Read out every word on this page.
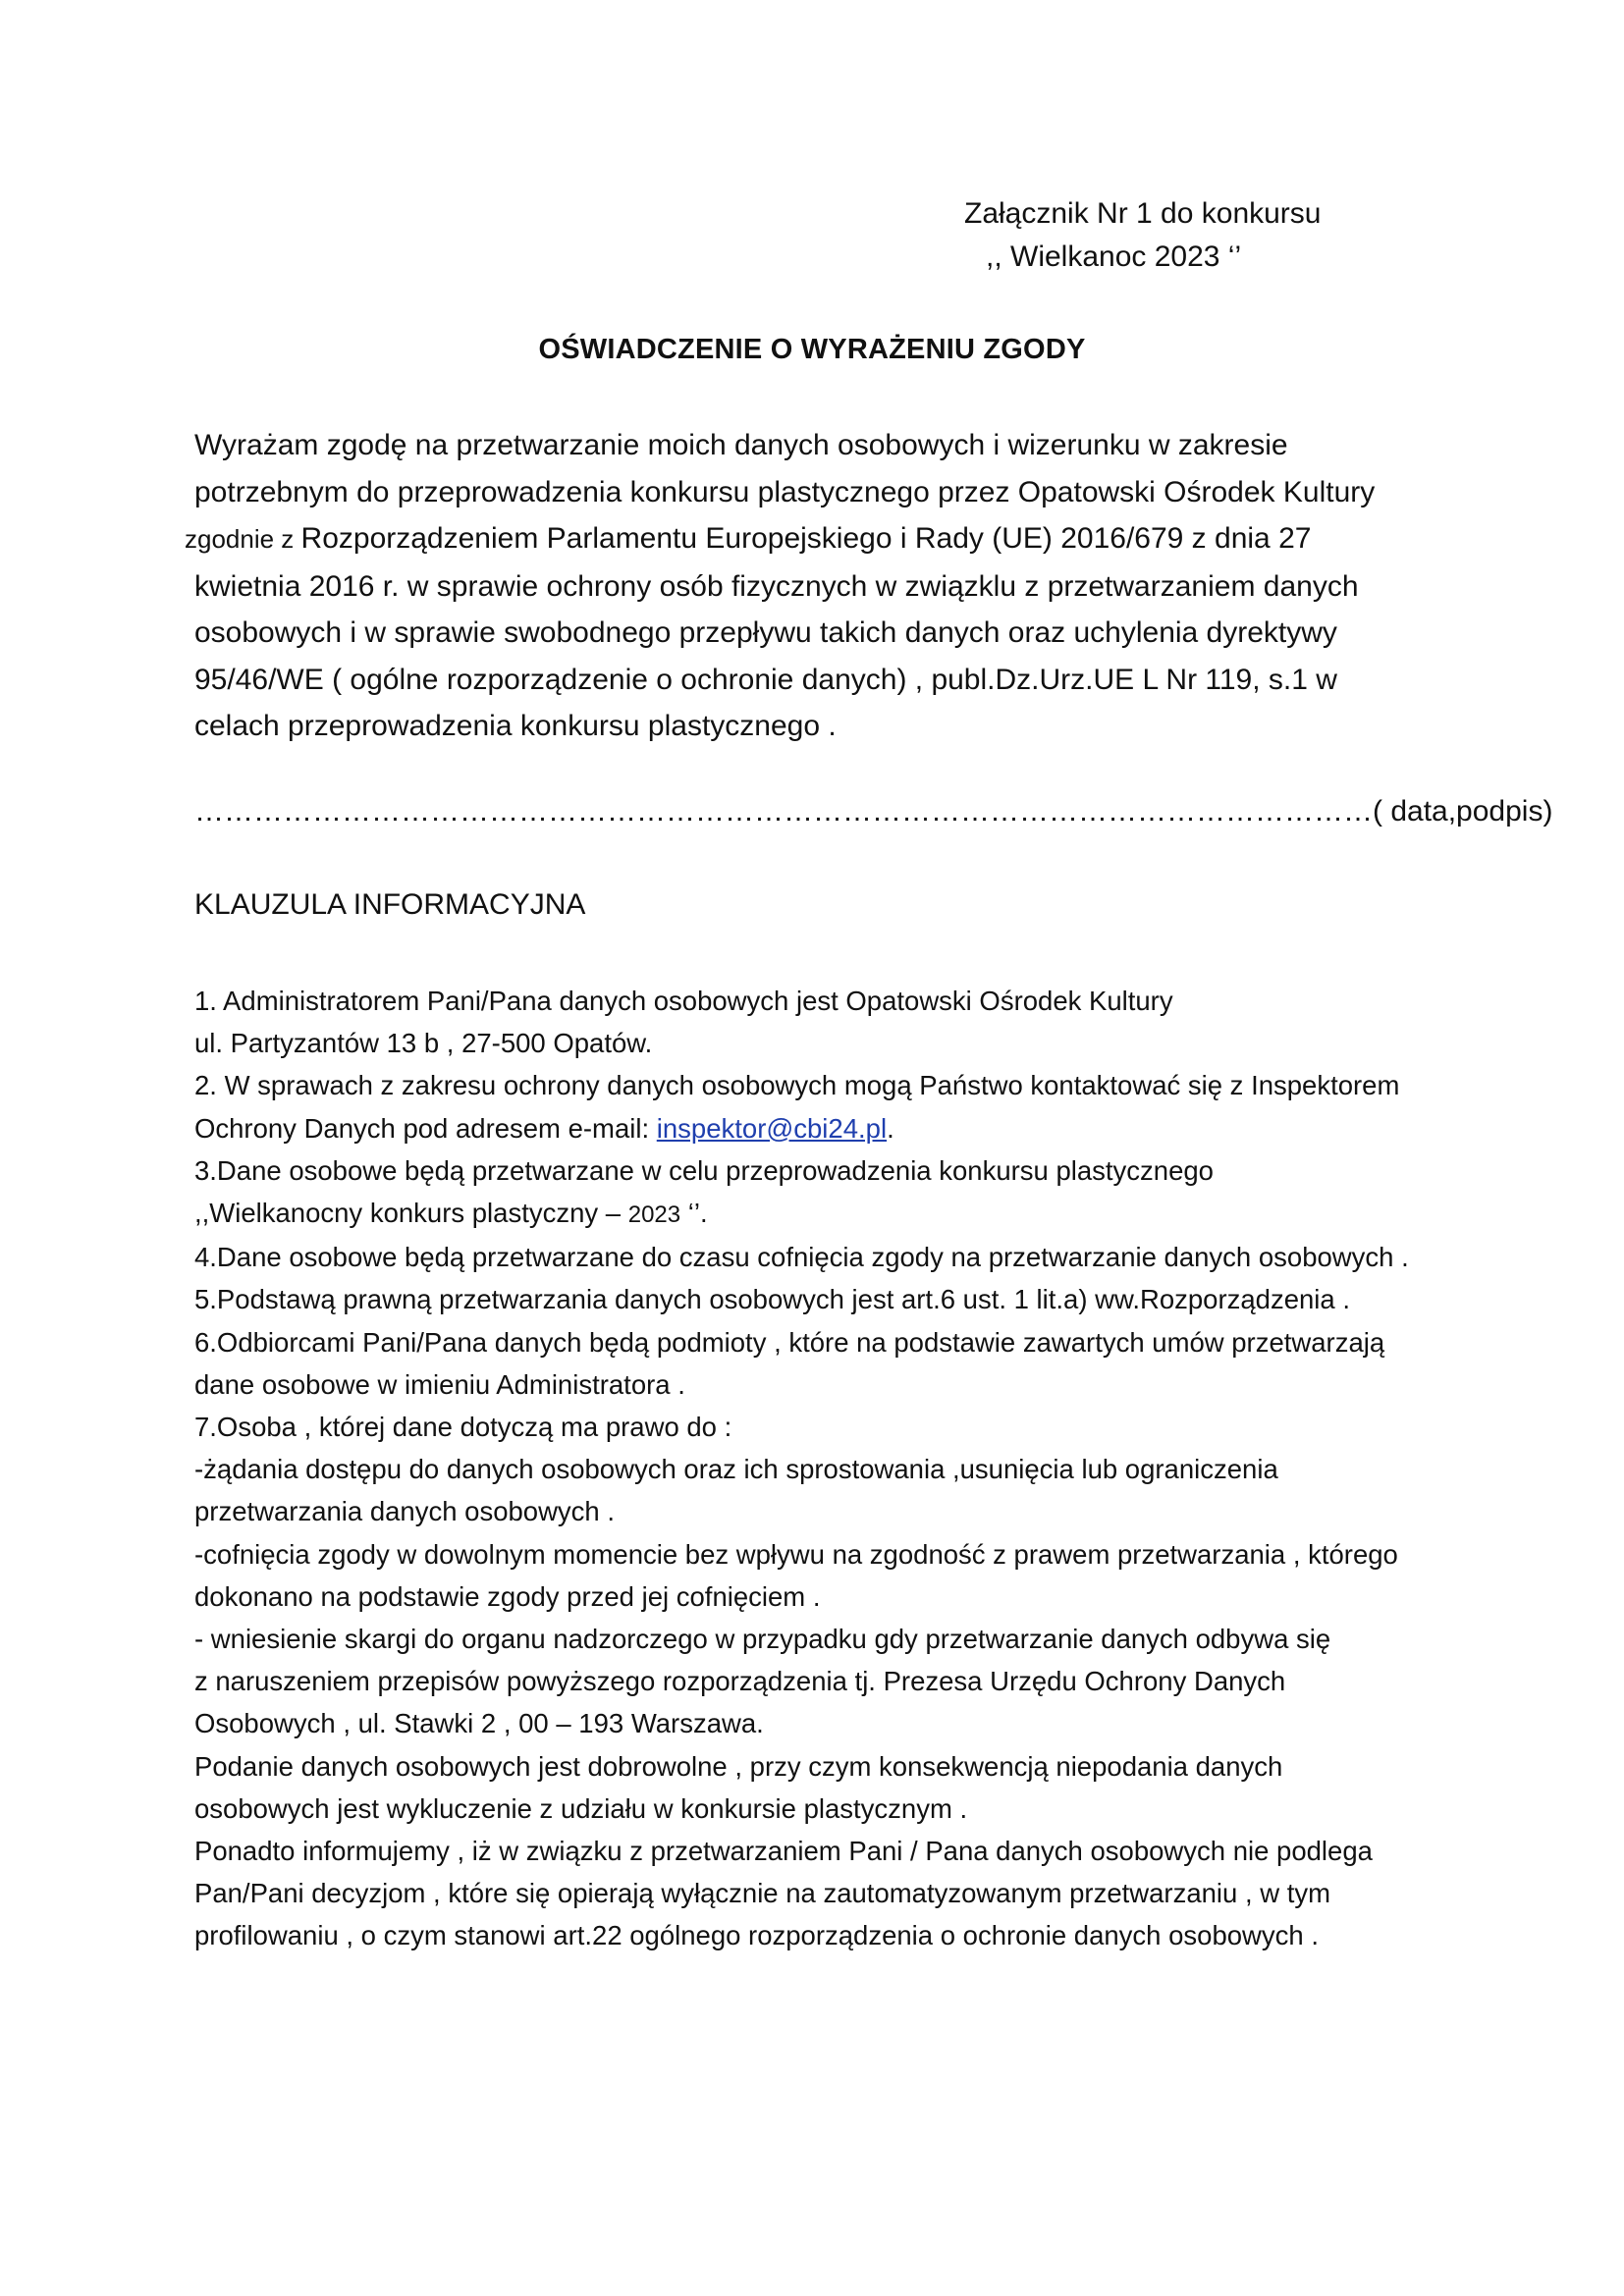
Załącznik Nr 1 do konkursu
,, Wielkanoc 2023 ‘’
OŚWIADCZENIE O WYRAŻENIU ZGODY
Wyrażam zgodę na przetwarzanie moich danych osobowych i wizerunku w zakresie
potrzebnym do przeprowadzenia konkursu plastycznego przez Opatowski Ośrodek Kultury
zgodnie z Rozporządzeniem Parlamentu Europejskiego i Rady (UE) 2016/679 z dnia 27
kwietnia 2016 r. w sprawie ochrony osób fizycznych w związklu z przetwarzaniem danych
osobowych i w sprawie swobodnego przepływu takich danych oraz uchylenia dyrektywy
95/46/WE ( ogólne rozporządzenie o ochronie danych) , publ.Dz.Urz.UE L Nr 119, s.1 w
celach przeprowadzenia konkursu plastycznego .
…………………………………………………………………………………………………………( data,podpis)
KLAUZULA INFORMACYJNA
1. Administratorem Pani/Pana danych osobowych jest Opatowski Ośrodek Kultury
ul. Partyzantów 13 b , 27-500 Opatów.
2. W sprawach z zakresu ochrony danych osobowych mogą Państwo kontaktować się z Inspektorem
Ochrony Danych pod adresem e-mail: inspektor@cbi24.pl.
3.Dane osobowe będą przetwarzane w celu przeprowadzenia konkursu plastycznego
,,Wielkanocny konkurs plastyczny – 2023 ‘’.
4.Dane osobowe będą przetwarzane do czasu cofnięcia zgody na przetwarzanie danych osobowych .
5.Podstawą prawną przetwarzania danych osobowych jest art.6 ust. 1 lit.a) ww.Rozporządzenia .
6.Odbiorcami Pani/Pana danych będą podmioty , które na podstawie zawartych umów przetwarzają
dane osobowe w imieniu Administratora .
7.Osoba , której dane dotyczą ma prawo do :
-żądania dostępu do danych osobowych oraz ich sprostowania ,usunięcia lub ograniczenia
przetwarzania danych osobowych .
-cofnięcia zgody w dowolnym momencie bez wpływu na zgodność z prawem przetwarzania , którego
dokonano na podstawie zgody przed jej cofnięciem .
- wniesienie skargi do organu nadzorczego w przypadku gdy przetwarzanie danych odbywa się
z naruszeniem przepisów powyższego rozporządzenia tj. Prezesa Urzędu Ochrony Danych
Osobowych , ul. Stawki 2 , 00 – 193 Warszawa.
Podanie danych osobowych jest dobrowolne , przy czym konsekwencją niepodania danych
osobowych jest wykluczenie z udziału w konkursie plastycznym .
Ponadto informujemy , iż w związku z przetwarzaniem Pani / Pana danych osobowych nie podlega
Pan/Pani decyzjom , które się opierają wyłącznie na zautomatyzowanym przetwarzaniu , w tym
profilowaniu , o czym stanowi art.22 ogólnego rozporządzenia o ochronie danych osobowych .
